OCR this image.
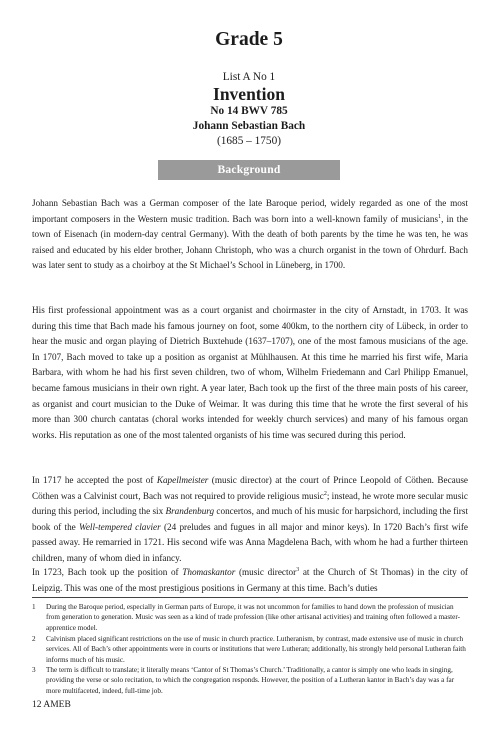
Grade 5
List A No 1
Invention
No 14 BWV 785
Johann Sebastian Bach
(1685 – 1750)
Background

Johann Sebastian Bach was a German composer of the late Baroque period, widely regarded as one of the most important composers in the Western music tradition. Bach was born into a well-known family of musicians$^1$, in the town of Eisenach (in modern-day central Germany). With the death of both parents by the time he was ten, he was raised and educated by his elder brother, Johann Christoph, who was a church organist in the town of Ohrdurf. Bach was later sent to study as a choirboy at the St Michael’s School in Lüneberg, in 1700.

His first professional appointment was as a court organist and choirmaster in the city of Arnstadt, in 1703. It was during this time that Bach made his famous journey on foot, some 400km, to the northern city of Lübeck, in order to hear the music and organ playing of Dietrich Buxtehude (1637–1707), one of the most famous musicians of the age. In 1707, Bach moved to take up a position as organist at Mühlhausen. At this time he married his first wife, Maria Barbara, with whom he had his first seven children, two of whom, Wilhelm Friedemann and Carl Philipp Emanuel, became famous musicians in their own right. A year later, Bach took up the first of the three main posts of his career, as organist and court musician to the Duke of Weimar. It was during this time that he wrote the first several of his more than 300 church cantatas (choral works intended for weekly church services) and many of his famous organ works. His reputation as one of the most talented organists of his time was secured during this period.

In 1717 he accepted the post of Kapellmeister (music director) at the court of Prince Leopold of Cöthen. Because Cöthen was a Calvinist court, Bach was not required to provide religious music$^2$; instead, he wrote more secular music during this period, including the six Brandenburg concertos, and much of his music for harpsichord, including the first book of the Well-tempered clavier (24 preludes and fugues in all major and minor keys). In 1720 Bach’s first wife passed away. He remarried in 1721. His second wife was Anna Magdelena Bach, with whom he had a further thirteen children, many of whom died in infancy.

In 1723, Bach took up the position of Thomaskantor (music director$^3$ at the Church of St Thomas) in the city of Leipzig. This was one of the most prestigious positions in Germany at this time. Bach’s duties

1 During the Baroque period, especially in German parts of Europe, it was not uncommon for families to hand down the profession of musician from generation to generation. Music was seen as a kind of trade profession (like other artisanal activities) and training often followed a master-apprentice model.
2 Calvinism placed significant restrictions on the use of music in church practice. Lutheranism, by contrast, made extensive use of music in church services. All of Bach’s other appointments were in courts or institutions that were Lutheran; additionally, his strongly held personal Lutheran faith informs much of his music.
3 The term is difficult to translate; it literally means ‘Cantor of St Thomas’s Church.’ Traditionally, a cantor is simply one who leads in singing, providing the verse or solo recitation, to which the congregation responds. However, the position of a Lutheran kantor in Bach’s day was a far more multifaceted, indeed, full-time job.
12 AMEB
